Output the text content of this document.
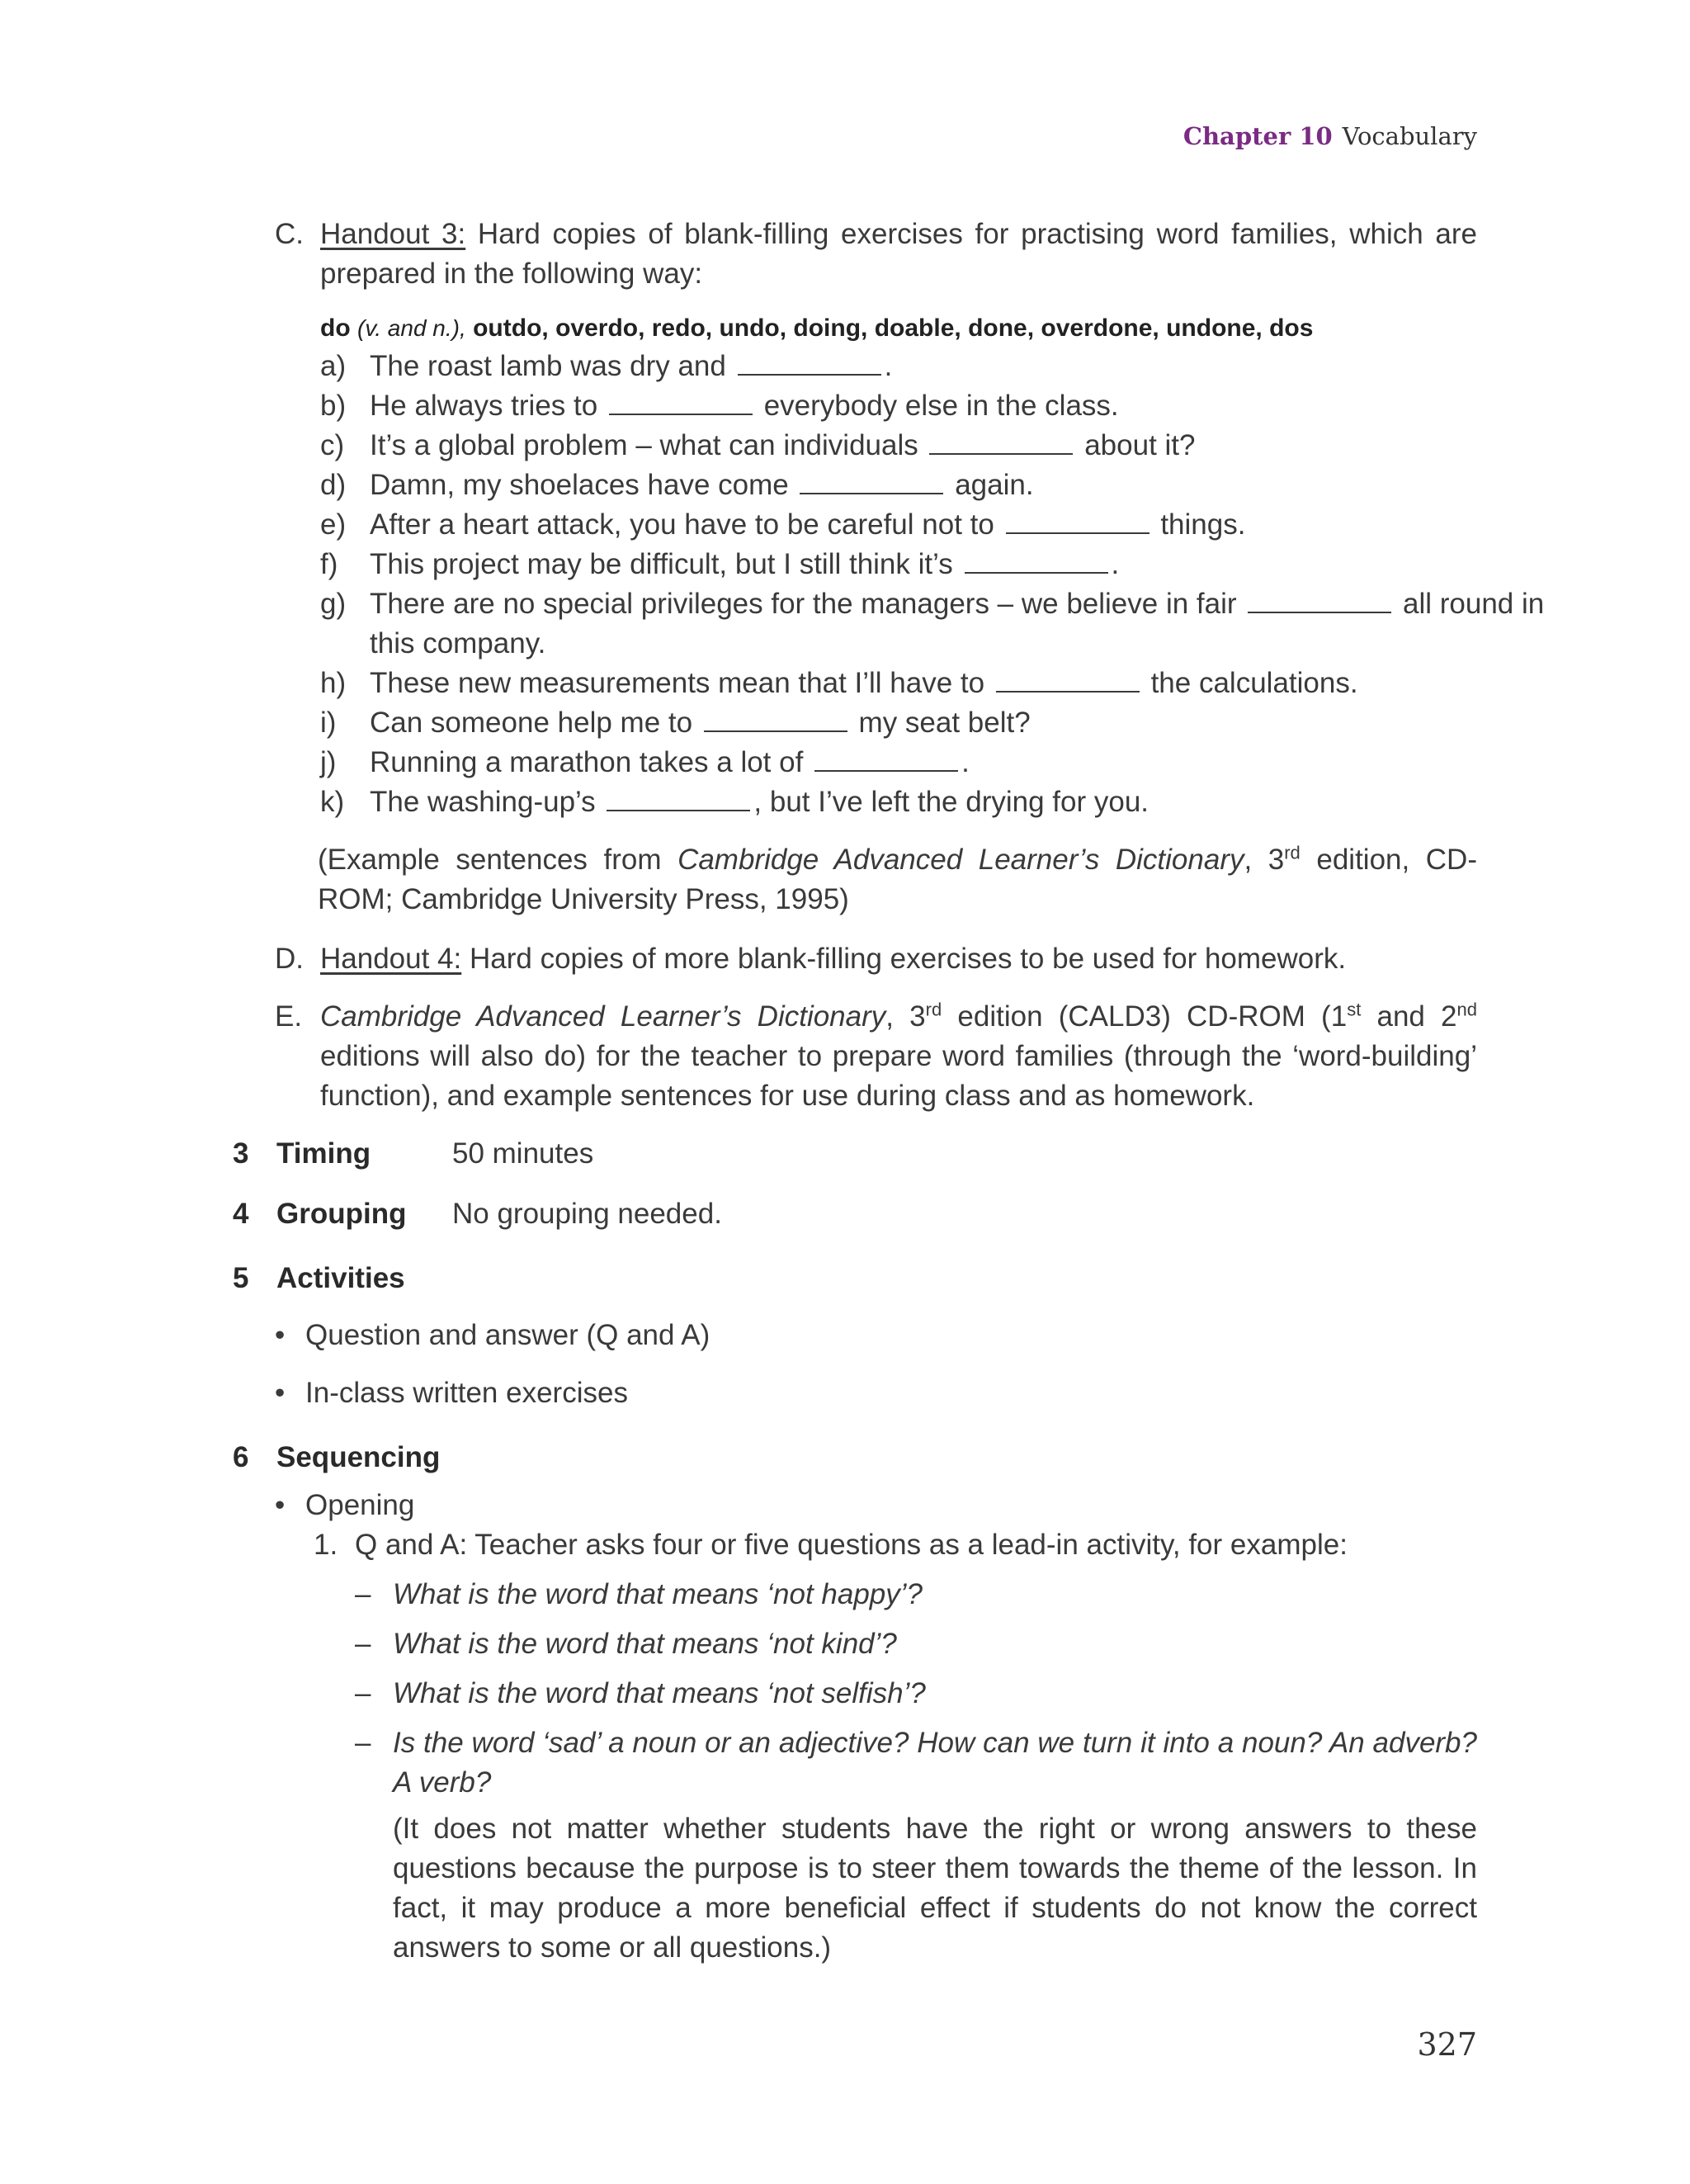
Chapter 10 Vocabulary
C. Handout 3: Hard copies of blank-filling exercises for practising word families, which are prepared in the following way:
do (v. and n.), outdo, overdo, redo, undo, doing, doable, done, overdone, undone, dos
a) The roast lamb was dry and	.
b) He always tries to	everybody else in the class.
c) It’s a global problem – what can individuals	about it?
d) Damn, my shoelaces have come	again.
e) After a heart attack, you have to be careful not to	things.
f) This project may be difficult, but I still think it’s	.
g) There are no special privileges for the managers – we believe in fair	all round in
this company.
h) These new measurements mean that I’ll have to	the calculations.
i) Can someone help me to	my seat belt?
j) Running a marathon takes a lot of	.
k) The washing-up’s	, but I’ve left the drying for you.
(Example sentences from Cambridge Advanced Learner’s Dictionary, 3rd edition, CD-ROM; Cambridge University Press, 1995)
D. Handout 4: Hard copies of more blank-filling exercises to be used for homework.
E. Cambridge Advanced Learner’s Dictionary, 3rd edition (CALD3) CD-ROM (1st and 2nd editions will also do) for the teacher to prepare word families (through the ‘word-building’ function), and example sentences for use during class and as homework.
3 Timing	50 minutes
4 Grouping No grouping needed.
5 Activities
• Question and answer (Q and A)
• In-class written exercises
6 Sequencing
• Opening
1. Q and A: Teacher asks four or five questions as a lead-in activity, for example:
– What is the word that means ‘not happy’?
– What is the word that means ‘not kind’?
– What is the word that means ‘not selfish’?
– Is the word ‘sad’ a noun or an adjective? How can we turn it into a noun? An adverb? A verb?
(It does not matter whether students have the right or wrong answers to these questions because the purpose is to steer them towards the theme of the lesson. In fact, it may produce a more beneficial effect if students do not know the correct answers to some or all questions.)
327
